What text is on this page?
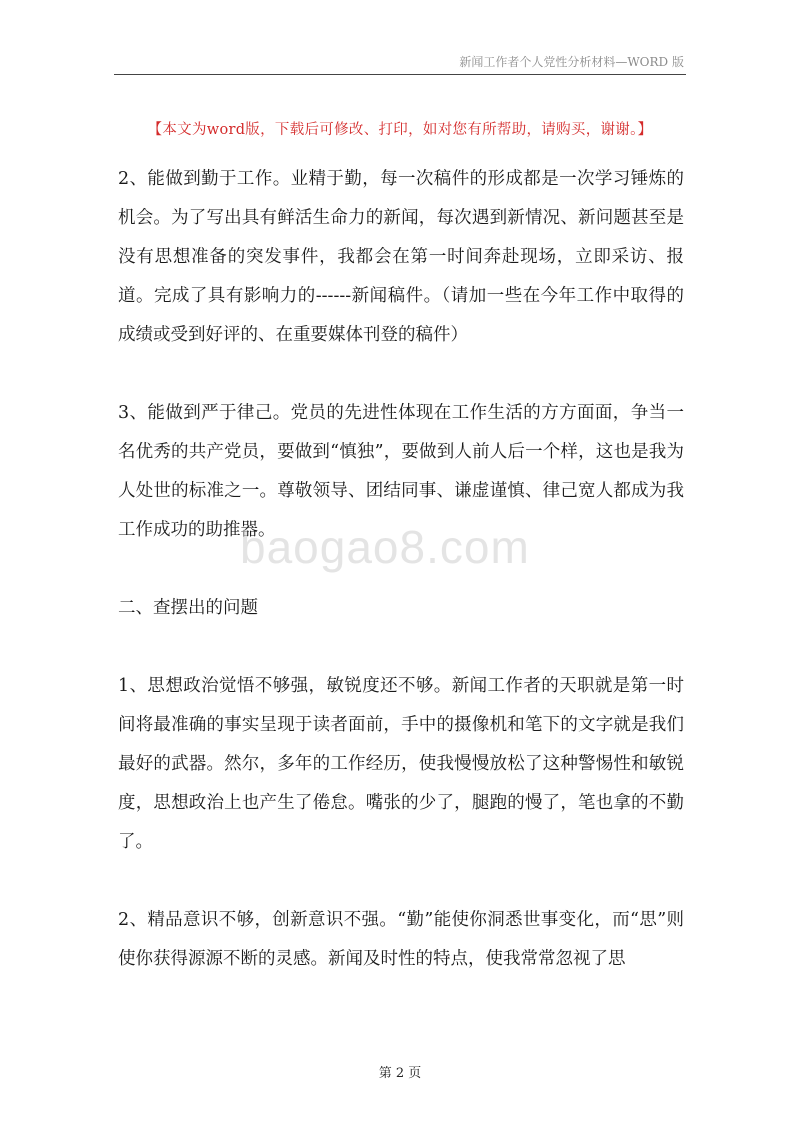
新闻工作者个人党性分析材料—WORD 版
【本文为word版，下载后可修改、打印，如对您有所帮助，请购买，谢谢。】

2、能做到勤于工作。业精于勤，每一次稿件的形成都是一次学习锤炼的机会。为了写出具有鲜活生命力的新闻，每次遇到新情况、新问题甚至是没有思想准备的突发事件，我都会在第一时间奔赴现场，立即采访、报道。完成了具有影响力的------新闻稿件。（请加一些在今年工作中取得的成绩或受到好评的、在重要媒体刊登的稿件）

3、能做到严于律己。党员的先进性体现在工作生活的方方面面，争当一名优秀的共产党员，要做到“慎独”，要做到人前人后一个样，这也是我为人处世的标准之一。尊敬领导、团结同事、谦虚谨慎、律己宽人都成为我工作成功的助推器。

二、查摆出的问题

1、思想政治觉悟不够强，敏锐度还不够。新闻工作者的天职就是第一时间将最准确的事实呈现于读者面前，手中的摄像机和笔下的文字就是我们最好的武器。然尔，多年的工作经历，使我慢慢放松了这种警惕性和敏锐度，思想政治上也产生了倦怠。嘴张的少了，腿跑的慢了，笔也拿的不勤了。

2、精品意识不够，创新意识不强。“勤”能使你洞悉世事变化，而“思”则使你获得源源不断的灵感。新闻及时性的特点，使我常常忽视了思

baogao8.com
第 2 页
